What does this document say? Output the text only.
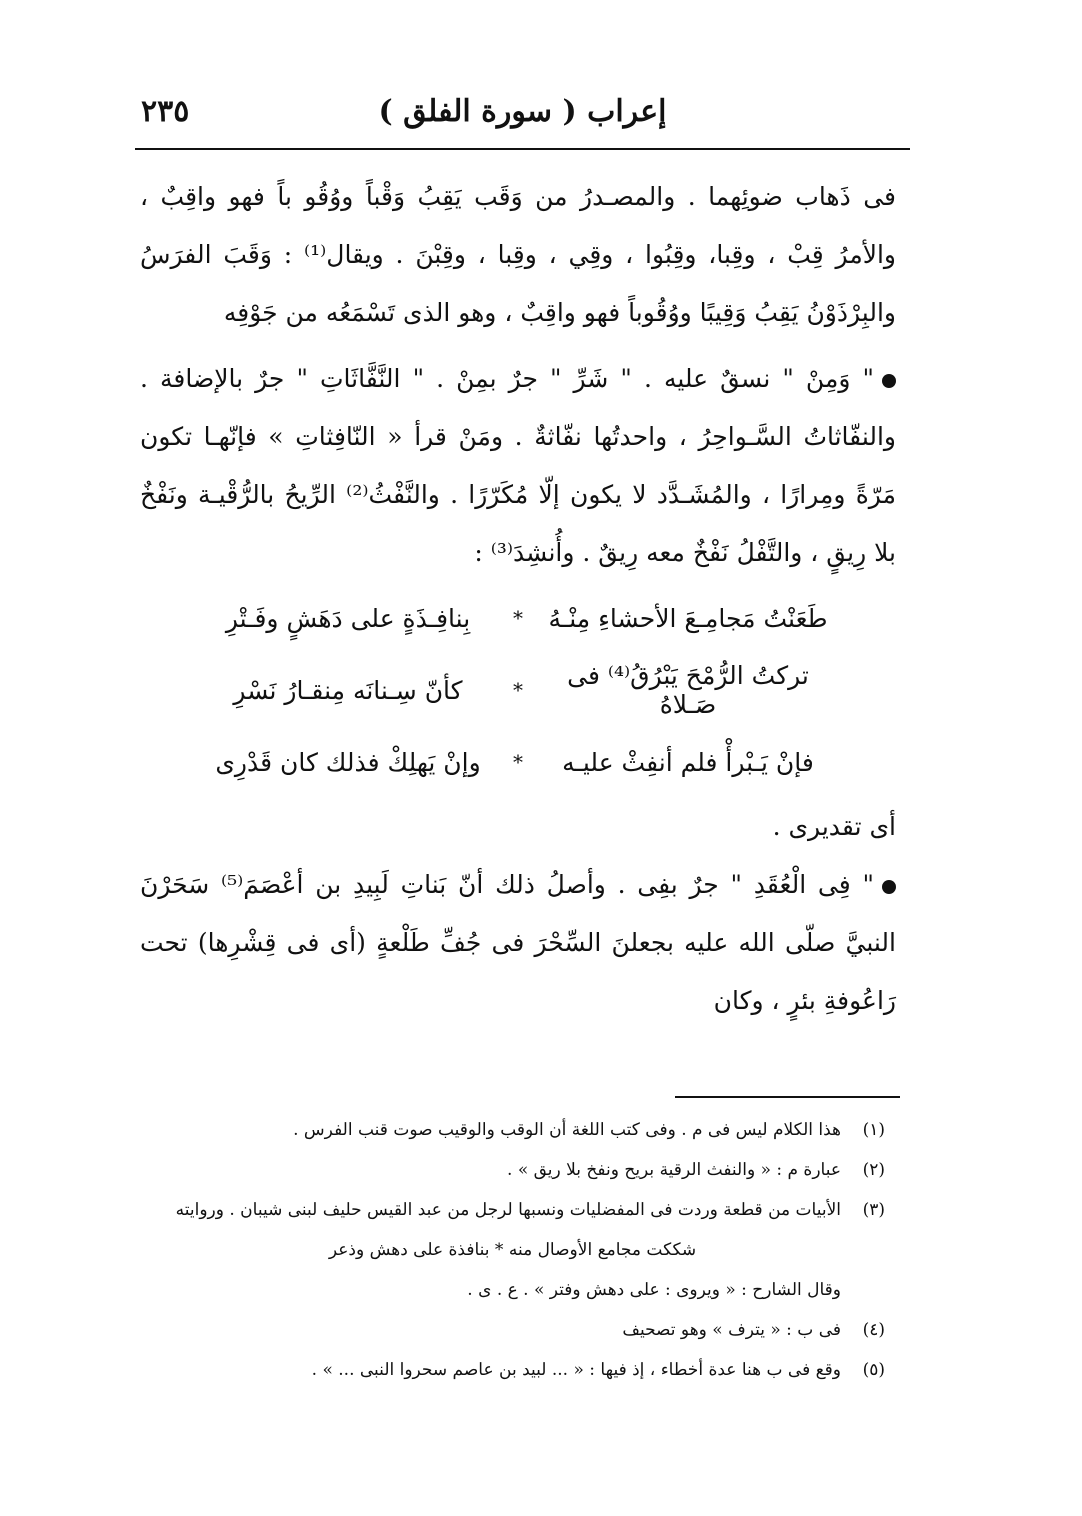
إعراب ( سورة الفلق )
٢٣٥

فى ذَهاب ضوئِهما . والمصـدرُ من وَقَب يَقِبُ وَقْباً ووُقُو باً فهو واقِبٌ ، والأمرُ قِبْ ، وقِبا، وقِبُوا ، وقِي ، وقِبا ، وقِبْنَ . ويقال⁽¹⁾ : وَقَبَ الفرَسُ والبِرْذَوْنُ يَقِبُ وَقِيبًا ووُقُوباً فهو واقِبٌ ، وهو الذى تَسْمَعُه من جَوْفِه

" وَمِنْ " نسقٌ عليه . " شَرِّ " جرٌ بمِنْ . " النَّفَّاثَاتِ " جرٌ بالإضافة . والنفّاثاتُ السَّـواحِرُ ، واحدتُها نفّاثةٌ . ومَنْ قرأ « النّافِثاتِ » فإنّهـا تكون مَرّةً ومِرارًا ، والمُشَـدَّد لا يكون إلّا مُكَرّرًا . والنَّفْثُ⁽²⁾ الرِّيحُ بالرُّقْيـة ونَفْخٌ بلا رِيقٍ ، والتَّفْلُ نَفْخٌ معه رِيقٌ . وأُنشِدَ⁽³⁾ :

طَعَنْتُ مَجامِـعَ الأحشاءِ مِنْـهُ
*
بِنافِـذَةٍ على دَهَشٍ وفَـتْرِ
تركتُ الرُّمْحَ يَبْرُقُ⁽⁴⁾ فى صَـلاهُ
*
كأنّ سِـنانَه مِنقـارُ نَسْرِ
فإنْ يَـبْرأْ فلم أنفِثْ عليـه
*
وإنْ يَهلِكْ فذلك كان قَدْرِى

أى تقديرى .

" فِى الْعُقَدِ " جرٌ بفِى . وأصلُ ذلك أنّ بَناتِ لَبِيدِ بن أعْصَمَ⁽⁵⁾ سَحَرْنَ النبيَّ صلّى الله عليه بجعلنَ السِّحْرَ فى جُفِّ طَلْعةٍ (أى فى قِشْرِها) تحت رَاعُوفةِ بئرٍ ، وكان

(١)
هذا الكلام ليس فى م . وفى كتب اللغة أن الوقب والوقيب صوت قنب الفرس .

(٢)
عبارة م : « والنفث الرقية بريح ونفخ بلا ريق » .

(٣)
الأبيات من قطعة وردت فى المفضليات ونسبها لرجل من عبد القيس حليف لبنى شيبان . وروايته

شككت مجامع الأوصال منه * بنافذة على دهش وذعر

وقال الشارح : « ويروى : على دهش وفتر » . ع . ى .

(٤)
فى ب : « يترف » وهو تصحيف

(٥)
وقع فى ب هنا عدة أخطاء ، إذ فيها : « ... لبيد بن عاصم سحروا النبى ... » .
